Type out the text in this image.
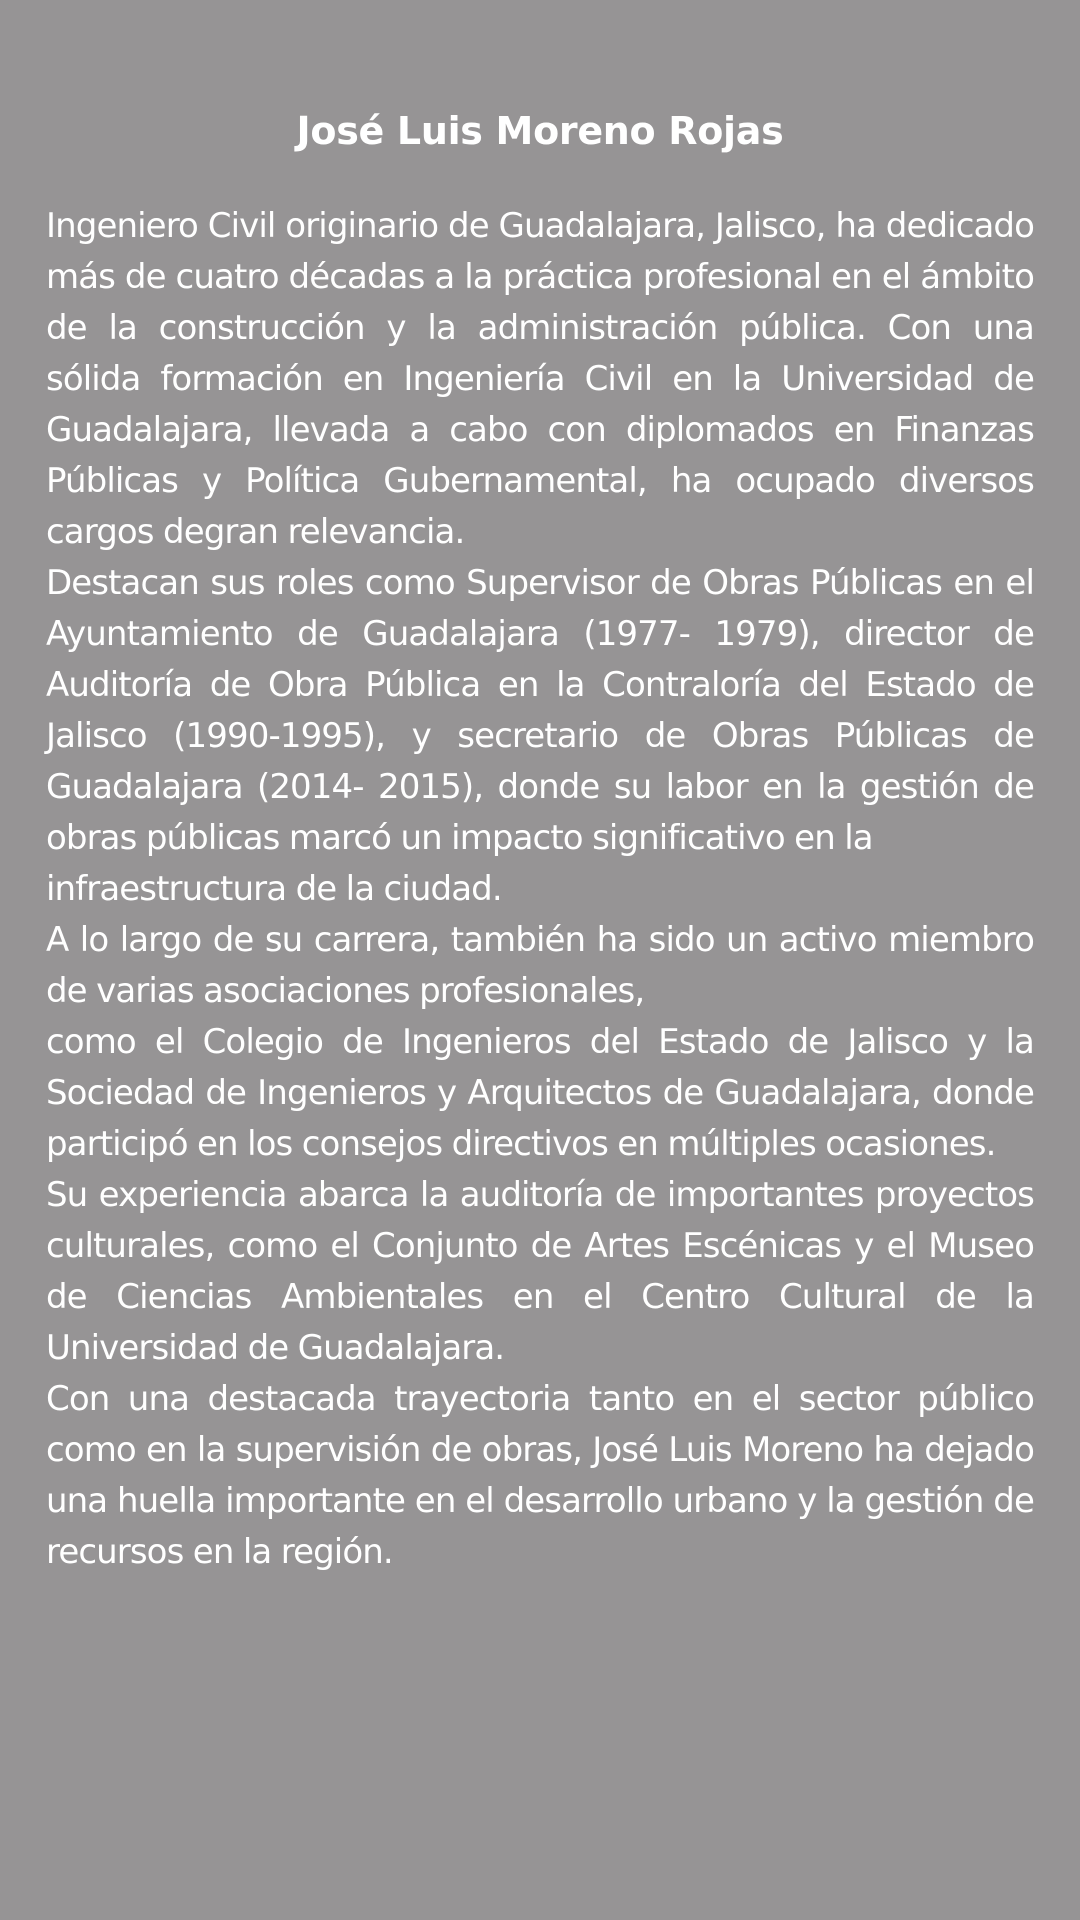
José Luis Moreno Rojas

Ingeniero Civil originario de Guadalajara, Jalisco, ha dedicado más de cuatro décadas a la práctica profesional en el ámbito de la construcción y la administración pública. Con una sólida formación en Ingeniería Civil en la Universidad de Guadalajara, llevada a cabo con diplomados en Finanzas Públicas y Política Gubernamental, ha ocupado diversos cargos degran relevancia.

Destacan sus roles como Supervisor de Obras Públicas en el Ayuntamiento de Guadalajara (1977- 1979), director de Auditoría de Obra Pública en la Contraloría del Estado de Jalisco (1990-1995), y secretario de Obras Públicas de Guadalajara (2014- 2015), donde su labor en la gestión de obras públicas marcó un impacto significativo en la

infraestructura de la ciudad.

A lo largo de su carrera, también ha sido un activo miembro de varias asociaciones profesionales,

como el Colegio de Ingenieros del Estado de Jalisco y la Sociedad de Ingenieros y Arquitectos de Guadalajara, donde participó en los consejos directivos en múltiples ocasiones.

Su experiencia abarca la auditoría de importantes proyectos culturales, como el Conjunto de Artes Escénicas y el Museo de Ciencias Ambientales en el Centro Cultural de la Universidad de Guadalajara.

Con una destacada trayectoria tanto en el sector público como en la supervisión de obras, José Luis Moreno ha dejado una huella importante en el desarrollo urbano y la gestión de recursos en la región.
